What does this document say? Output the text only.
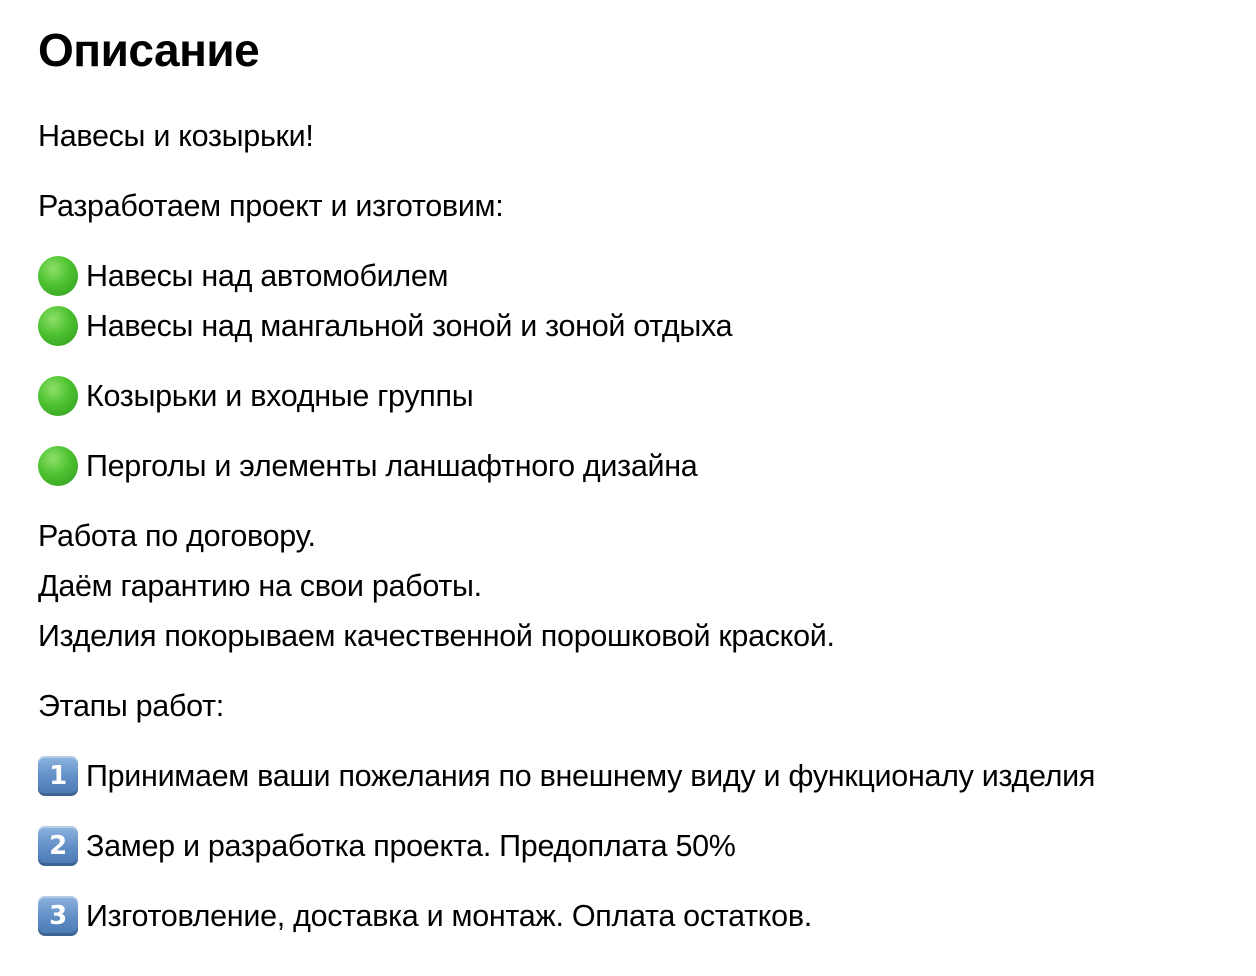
Описание
Навесы и козырьки!
Разработаем проект и изготовим:
Навесы над автомобилем
Навесы над мангальной зоной и зоной отдыха
Козырьки и входные группы
Перголы и элементы ланшафтного дизайна
Работа по договору.
Даём гарантию на свои работы.
Изделия покорываем качественной порошковой краской.
Этапы работ:
1 Принимаем ваши пожелания по внешнему виду и функционалу изделия
2 Замер и разработка проекта. Предоплата 50%
3 Изготовление, доставка и монтаж. Оплата остатков.
